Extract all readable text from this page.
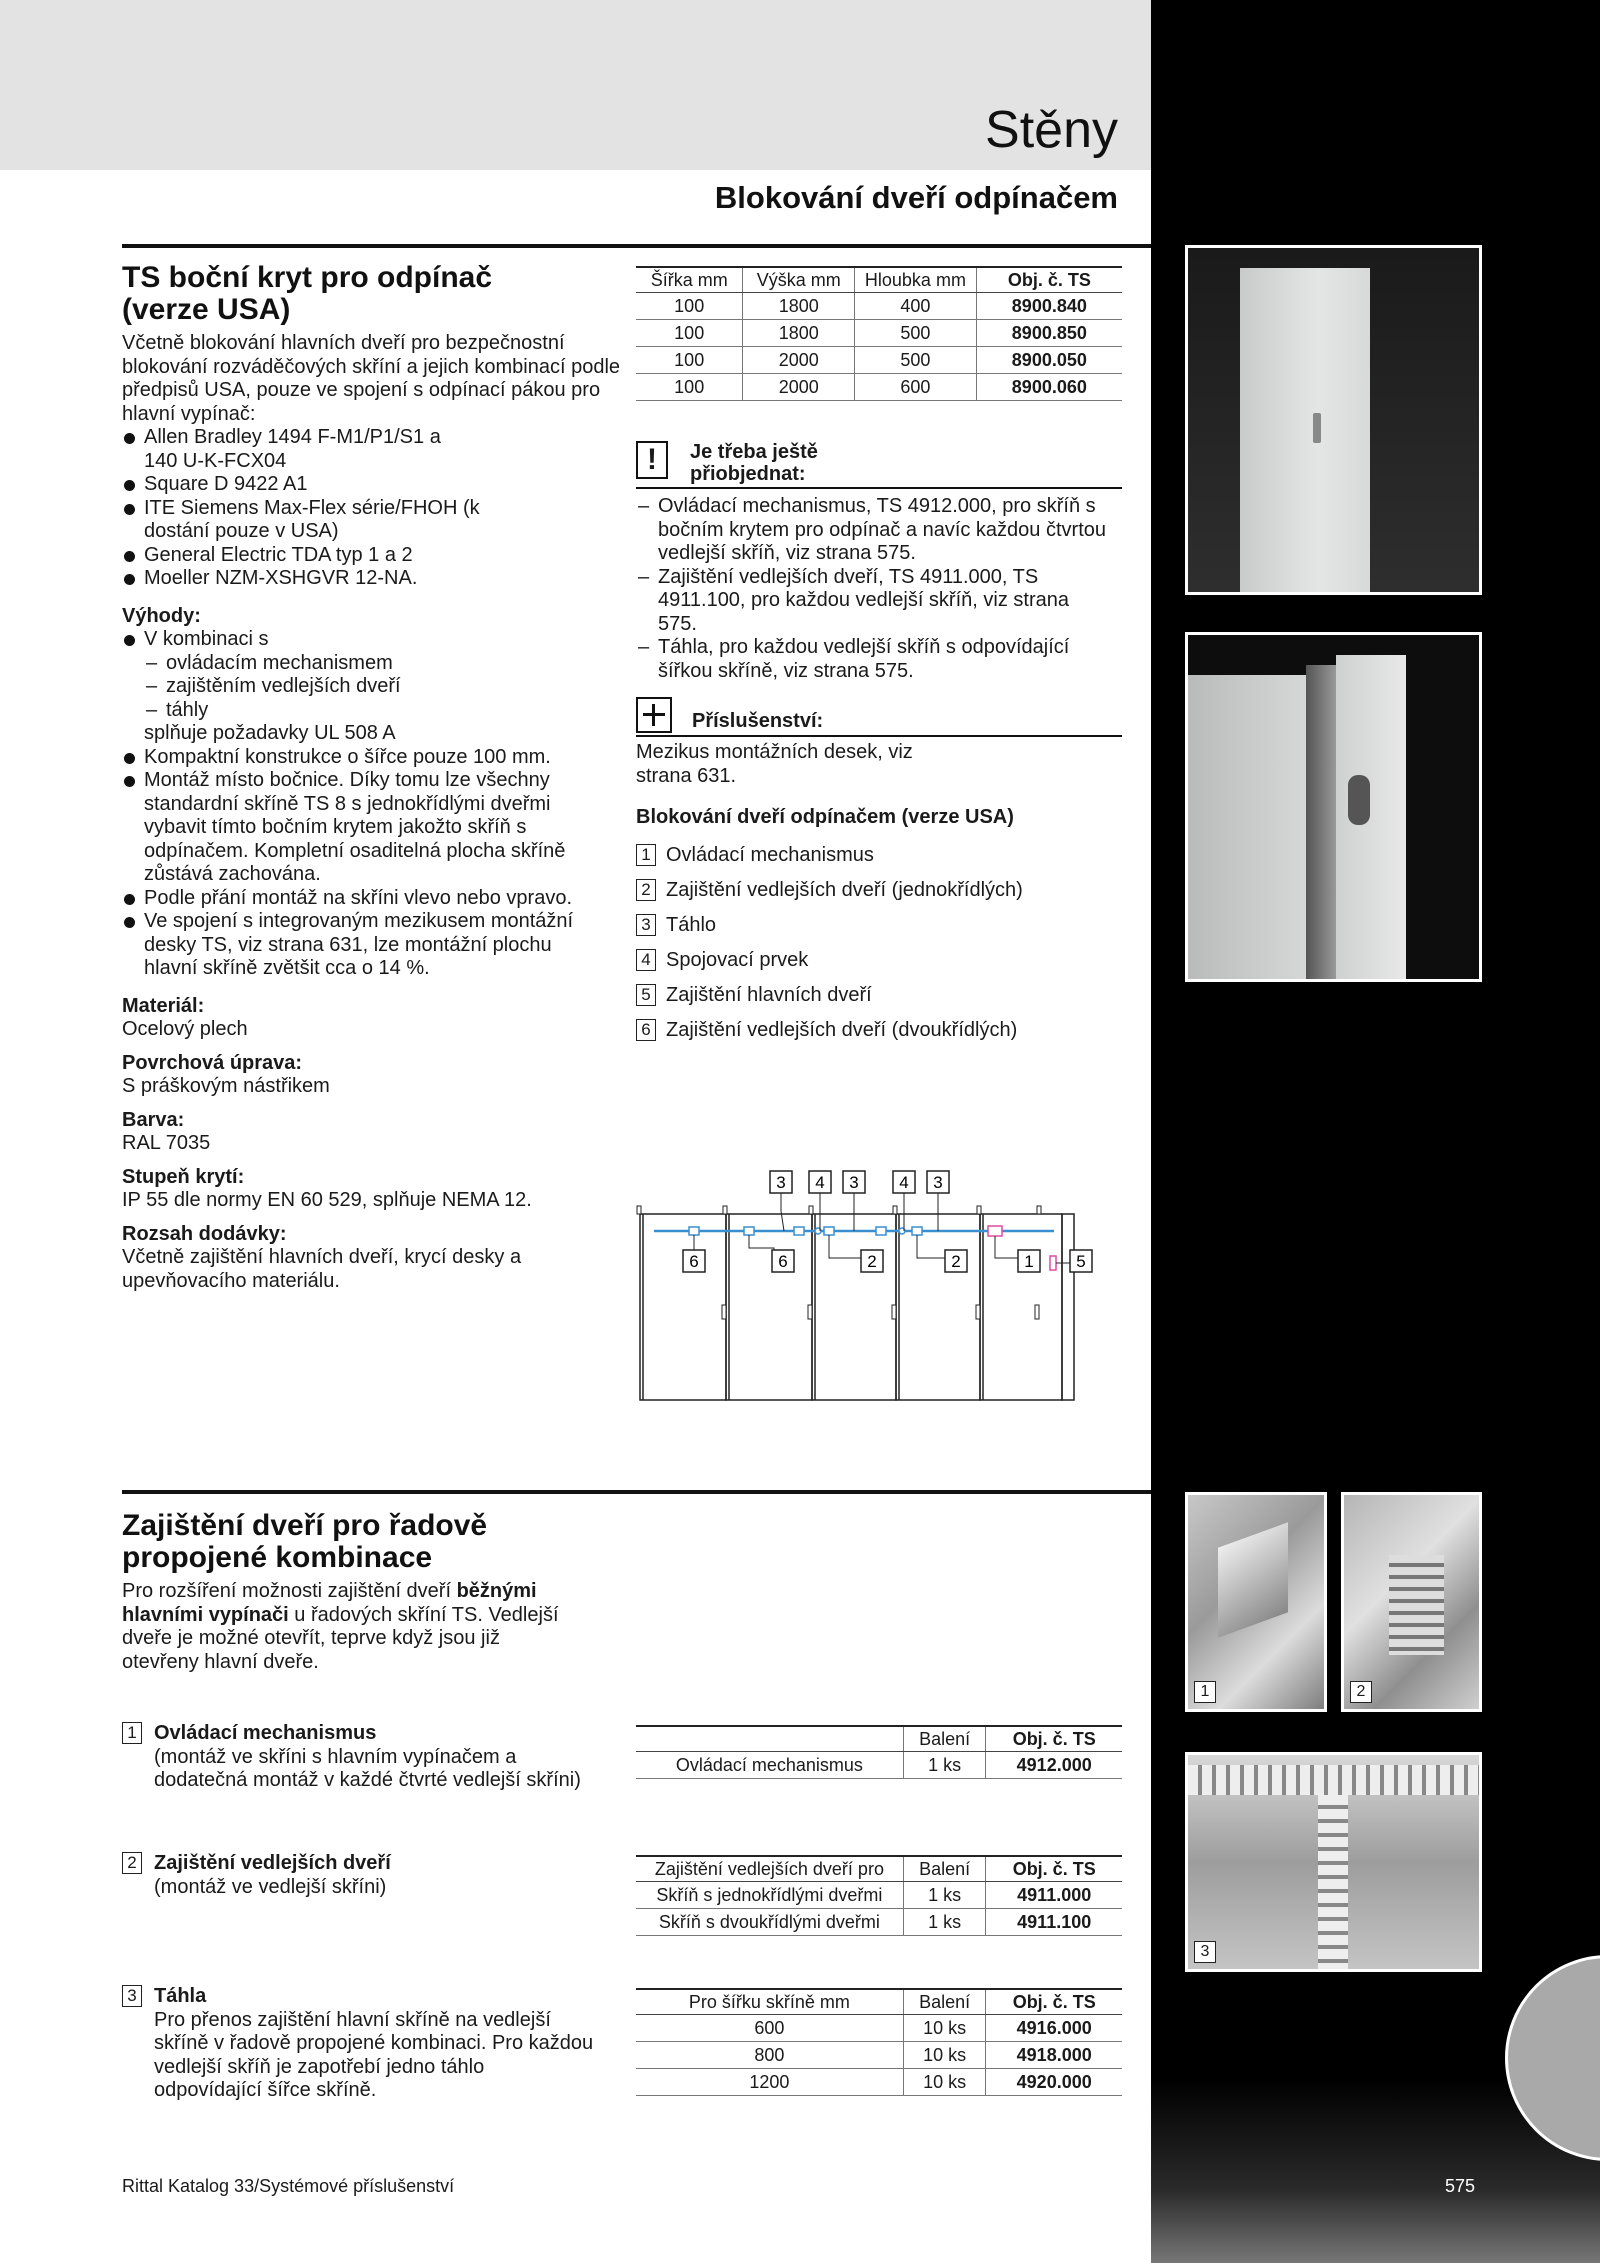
Stěny
Blokování dveří odpínačem
TS boční kryt pro odpínač (verze USA)
Včetně blokování hlavních dveří pro bezpečnostní blokování rozváděčových skříní a jejich kombinací podle předpisů USA, pouze ve spojení s odpínací pákou pro hlavní vypínač:
Allen Bradley 1494 F-M1/P1/S1 a 140 U-K-FCX04
Square D 9422 A1
ITE Siemens Max-Flex série/FHOH (k dostání pouze v USA)
General Electric TDA typ 1 a 2
Moeller NZM-XSHGVR 12-NA.
Výhody:
V kombinaci s
– ovládacím mechanismem
– zajištěním vedlejších dveří
– táhly
splňuje požadavky UL 508 A
Kompaktní konstrukce o šířce pouze 100 mm.
Montáž místo bočnice. Díky tomu lze všechny standardní skříně TS 8 s jednokřídlými dveřmi vybavit tímto bočním krytem jakožto skříň s odpínačem. Kompletní osaditelná plocha skříně zůstává zachována.
Podle přání montáž na skříni vlevo nebo vpravo.
Ve spojení s integrovaným mezikusem montážní desky TS, viz strana 631, lze montážní plochu hlavní skříně zvětšit cca o 14 %.
Materiál:
Ocelový plech
Povrchová úprava:
S práškovým nástřikem
Barva:
RAL 7035
Stupeň krytí:
IP 55 dle normy EN 60 529, splňuje NEMA 12.
Rozsah dodávky:
Včetně zajištění hlavních dveří, krycí desky a upevňovacího materiálu.
Šířka mm	Výška mm	Hloubka mm	Obj. č. TS
100	1800	400	8900.840
100	1800	500	8900.850
100	2000	500	8900.050
100	2000	600	8900.060
!	Je třeba ještě přiobjednat:
– Ovládací mechanismus, TS 4912.000, pro skříň s bočním krytem pro odpínač a navíc každou čtvrtou vedlejší skříň, viz strana 575.
– Zajištění vedlejších dveří, TS 4911.000, TS 4911.100, pro každou vedlejší skříň, viz strana 575.
– Táhla, pro každou vedlejší skříň s odpovídající šířkou skříně, viz strana 575.
Příslušenství:
Mezikus montážních desek, viz strana 631.
Blokování dveří odpínačem (verze USA)
1 Ovládací mechanismus
2 Zajištění vedlejších dveří (jednokřídlých)
3 Táhlo
4 Spojovací prvek
5 Zajištění hlavních dveří
6 Zajištění vedlejších dveří (dvoukřídlých)
3 4 3 4 3
6	6	2	2	1	5
Zajištění dveří pro řadově propojené kombinace
Pro rozšíření možnosti zajištění dveří běžnými hlavními vypínači u řadových skříní TS. Vedlejší dveře je možné otevřít, teprve když jsou již otevřeny hlavní dveře.
1 Ovládací mechanismus
(montáž ve skříni s hlavním vypínačem a dodatečná montáž v každé čtvrté vedlejší skříni)
2 Zajištění vedlejších dveří
(montáž ve vedlejší skříni)
3 Táhla
Pro přenos zajištění hlavní skříně na vedlejší skříně v řadově propojené kombinaci. Pro každou vedlejší skříň je zapotřebí jedno táhlo odpovídající šířce skříně.
	Balení	Obj. č. TS
Ovládací mechanismus	1 ks	4912.000
Zajištění vedlejších dveří pro	Balení	Obj. č. TS
Skříň s jednokřídlými dveřmi	1 ks	4911.000
Skříň s dvoukřídlými dveřmi	1 ks	4911.100
Pro šířku skříně mm	Balení	Obj. č. TS
600	10 ks	4916.000
800	10 ks	4918.000
1200	10 ks	4920.000
1	2
3
Rittal Katalog 33/Systémové příslušenství	575
